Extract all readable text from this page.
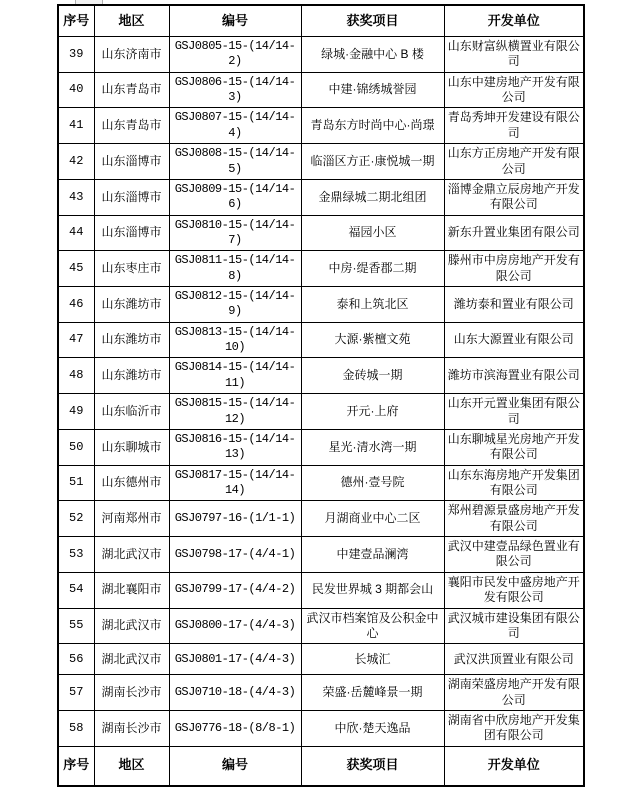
序号	地区	编号	获奖项目	开发单位
39	山东济南市	GSJ0805-15-(14/14-2)	绿城·金融中心 B 楼	山东财富纵横置业有限公司
40	山东青岛市	GSJ0806-15-(14/14-3)	中建·锦绣城誉园	山东中建房地产开发有限公司
41	山东青岛市	GSJ0807-15-(14/14-4)	青岛东方时尚中心·尚璟	青岛秀坤开发建设有限公司
42	山东淄博市	GSJ0808-15-(14/14-5)	临淄区方正·康悦城一期	山东方正房地产开发有限公司
43	山东淄博市	GSJ0809-15-(14/14-6)	金鼎绿城二期北组团	淄博金鼎立辰房地产开发有限公司
44	山东淄博市	GSJ0810-15-(14/14-7)	福园小区	新东升置业集团有限公司
45	山东枣庄市	GSJ0811-15-(14/14-8)	中房·缇香郡二期	滕州市中房房地产开发有限公司
46	山东潍坊市	GSJ0812-15-(14/14-9)	泰和上筑北区	潍坊泰和置业有限公司
47	山东潍坊市	GSJ0813-15-(14/14-10)	大源·紫檀文苑	山东大源置业有限公司
48	山东潍坊市	GSJ0814-15-(14/14-11)	金砖城一期	潍坊市滨海置业有限公司
49	山东临沂市	GSJ0815-15-(14/14-12)	开元·上府	山东开元置业集团有限公司
50	山东聊城市	GSJ0816-15-(14/14-13)	星光·清水湾一期	山东聊城星光房地产开发有限公司
51	山东德州市	GSJ0817-15-(14/14-14)	德州·壹号院	山东东海房地产开发集团有限公司
52	河南郑州市	GSJ0797-16-(1/1-1)	月湖商业中心二区	郑州碧源景盛房地产开发有限公司
53	湖北武汉市	GSJ0798-17-(4/4-1)	中建壹品澜湾	武汉中建壹品绿色置业有限公司
54	湖北襄阳市	GSJ0799-17-(4/4-2)	民发世界城 3 期都会山	襄阳市民发中盛房地产开发有限公司
55	湖北武汉市	GSJ0800-17-(4/4-3)	武汉市档案馆及公积金中心	武汉城市建设集团有限公司
56	湖北武汉市	GSJ0801-17-(4/4-3)	长城汇	武汉洪顶置业有限公司
57	湖南长沙市	GSJ0710-18-(4/4-3)	荣盛·岳麓峰景一期	湖南荣盛房地产开发有限公司
58	湖南长沙市	GSJ0776-18-(8/8-1)	中欣·楚天逸品	湖南省中欣房地产开发集团有限公司
序号	地区	编号	获奖项目	开发单位
